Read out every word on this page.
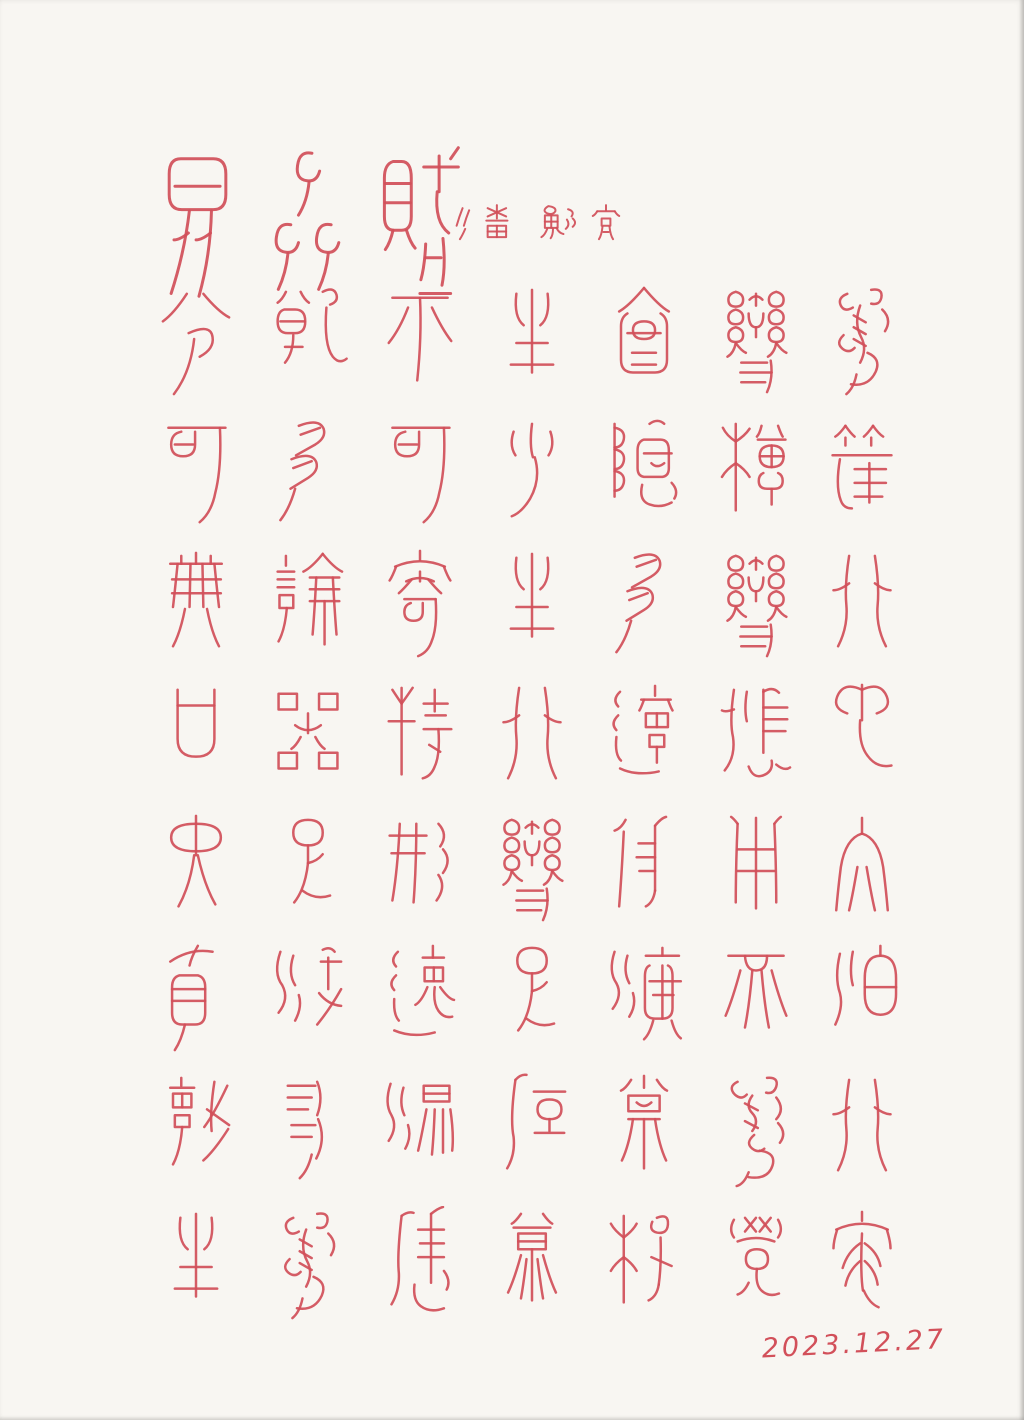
2023.12.27
